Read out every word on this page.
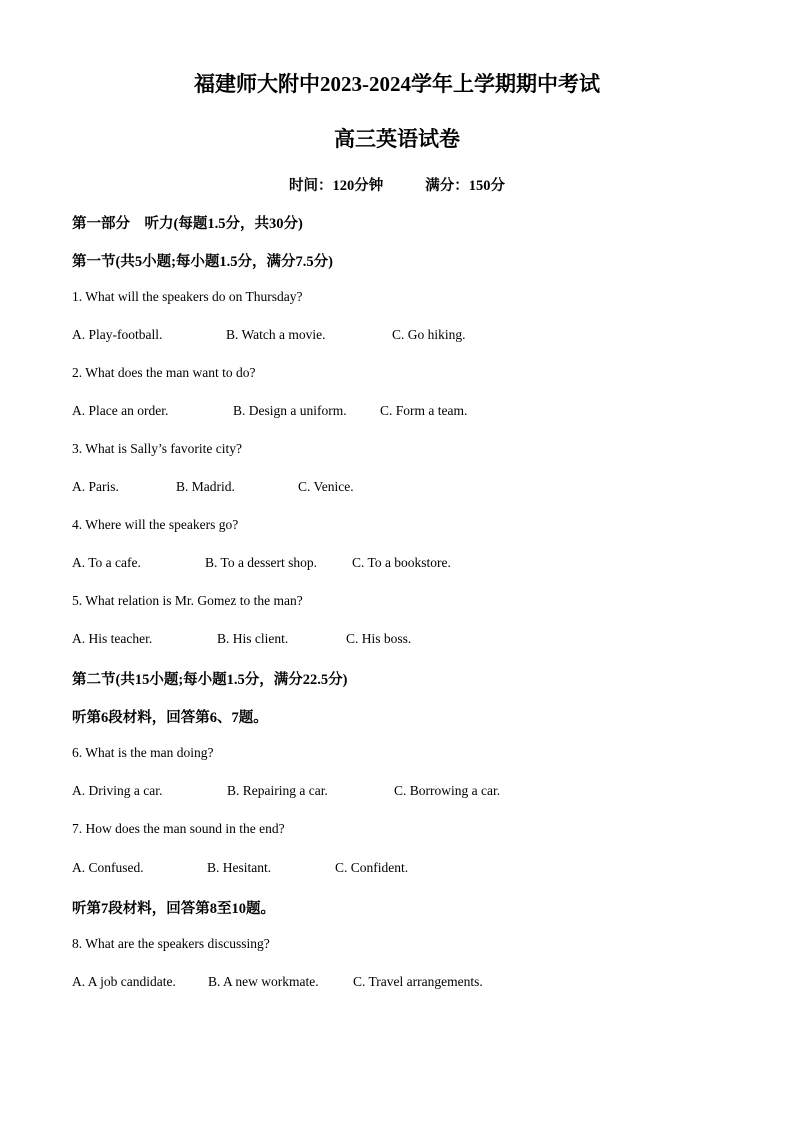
福建师大附中2023-2024学年上学期期中考试
高三英语试卷
时间：120分钟	满分：150分
第一部分　听力(每题1.5分，共30分)
第一节(共5小题;每小题1.5分，满分7.5分)
1. What will the speakers do on Thursday?
A. Play-football.	B. Watch a movie.	C. Go hiking.
2. What does the man want to do?
A. Place an order.	B. Design a uniform. C. Form a team.
3. What is Sally’s favorite city?
A. Paris.	B. Madrid.	C. Venice.
4. Where will the speakers go?
A. To a cafe.	B. To a dessert shop.	C. To a bookstore.
5. What relation is Mr. Gomez to the man?
A. His teacher.	B. His client.	C. His boss.
第二节(共15小题;每小题1.5分，满分22.5分)
听第6段材料，回答第6、7题。
6. What is the man doing?
A. Driving a car.	B. Repairing a car.	C. Borrowing a car.
7. How does the man sound in the end?
A. Confused.	B. Hesitant.	C. Confident.
听第7段材料，回答第8至10题。
8. What are the speakers discussing?
A. A job candidate. B. A new workmate.	C. Travel arrangements.
